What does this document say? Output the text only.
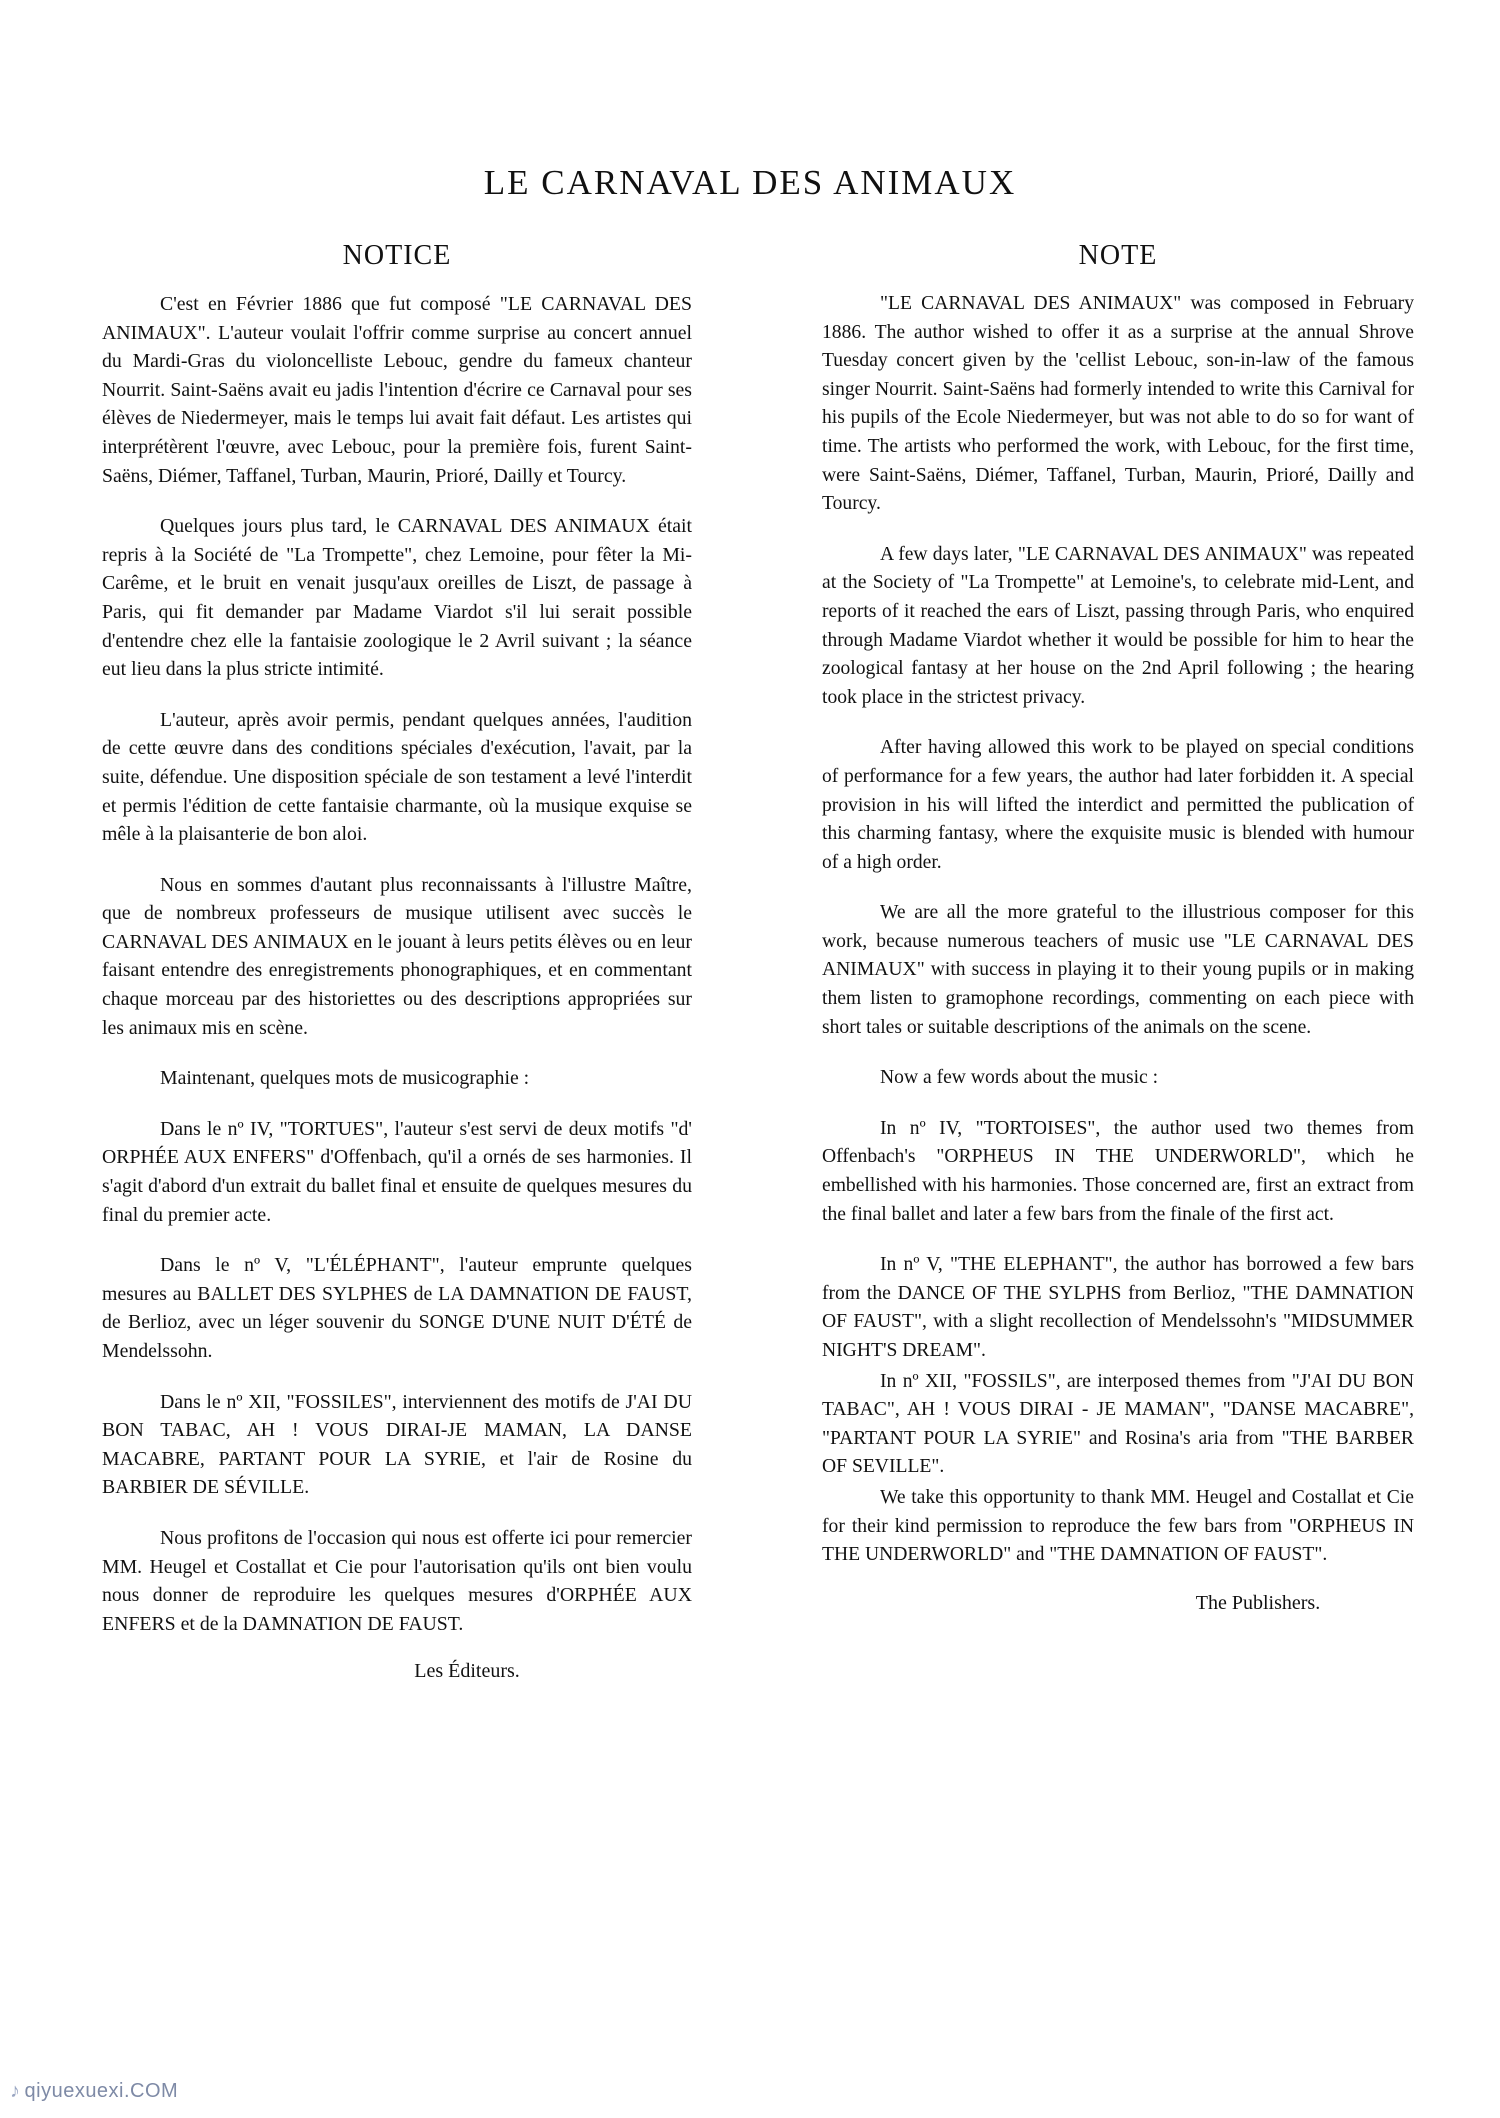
LE CARNAVAL DES ANIMAUX
NOTICE

C'est en Février 1886 que fut composé "LE CARNAVAL DES ANIMAUX". L'auteur voulait l'offrir comme surprise au concert annuel du Mardi-Gras du violoncelliste Lebouc, gendre du fameux chanteur Nourrit. Saint-Saëns avait eu jadis l'intention d'écrire ce Carnaval pour ses élèves de Niedermeyer, mais le temps lui avait fait défaut. Les artistes qui interprétèrent l'œuvre, avec Lebouc, pour la première fois, furent Saint-Saëns, Diémer, Taffanel, Turban, Maurin, Prioré, Dailly et Tourcy.

Quelques jours plus tard, le CARNAVAL DES ANIMAUX était repris à la Société de "La Trompette", chez Lemoine, pour fêter la Mi-Carême, et le bruit en venait jusqu'aux oreilles de Liszt, de passage à Paris, qui fit demander par Madame Viardot s'il lui serait possible d'entendre chez elle la fantaisie zoologique le 2 Avril suivant ; la séance eut lieu dans la plus stricte intimité.

L'auteur, après avoir permis, pendant quelques années, l'audition de cette œuvre dans des conditions spéciales d'exécution, l'avait, par la suite, défendue. Une disposition spéciale de son testament a levé l'interdit et permis l'édition de cette fantaisie charmante, où la musique exquise se mêle à la plaisanterie de bon aloi.

Nous en sommes d'autant plus reconnaissants à l'illustre Maître, que de nombreux professeurs de musique utilisent avec succès le CARNAVAL DES ANIMAUX en le jouant à leurs petits élèves ou en leur faisant entendre des enregistrements phonographiques, et en commentant chaque morceau par des historiettes ou des descriptions appropriées sur les animaux mis en scène.

Maintenant, quelques mots de musicographie :

Dans le nº IV, "TORTUES", l'auteur s'est servi de deux motifs "d' ORPHÉE AUX ENFERS" d'Offenbach, qu'il a ornés de ses harmonies. Il s'agit d'abord d'un extrait du ballet final et ensuite de quelques mesures du final du premier acte.

Dans le nº V, "L'ÉLÉPHANT", l'auteur emprunte quelques mesures au BALLET DES SYLPHES de LA DAMNATION DE FAUST, de Berlioz, avec un léger souvenir du SONGE D'UNE NUIT D'ÉTÉ de Mendelssohn.

Dans le nº XII, "FOSSILES", interviennent des motifs de J'AI DU BON TABAC, AH ! VOUS DIRAI-JE MAMAN, LA DANSE MACABRE, PARTANT POUR LA SYRIE, et l'air de Rosine du BARBIER DE SÉVILLE.

Nous profitons de l'occasion qui nous est offerte ici pour remercier MM. Heugel et Costallat et Cie pour l'autorisation qu'ils ont bien voulu nous donner de reproduire les quelques mesures d'ORPHÉE AUX ENFERS et de la DAMNATION DE FAUST.

Les Éditeurs.
NOTE

"LE CARNAVAL DES ANIMAUX" was composed in February 1886. The author wished to offer it as a surprise at the annual Shrove Tuesday concert given by the 'cellist Lebouc, son-in-law of the famous singer Nourrit. Saint-Saëns had formerly intended to write this Carnival for his pupils of the Ecole Niedermeyer, but was not able to do so for want of time. The artists who performed the work, with Lebouc, for the first time, were Saint-Saëns, Diémer, Taffanel, Turban, Maurin, Prioré, Dailly and Tourcy.

A few days later, "LE CARNAVAL DES ANIMAUX" was repeated at the Society of "La Trompette" at Lemoine's, to celebrate mid-Lent, and reports of it reached the ears of Liszt, passing through Paris, who enquired through Madame Viardot whether it would be possible for him to hear the zoological fantasy at her house on the 2nd April following ; the hearing took place in the strictest privacy.

After having allowed this work to be played on special conditions of performance for a few years, the author had later forbidden it. A special provision in his will lifted the interdict and permitted the publication of this charming fantasy, where the exquisite music is blended with humour of a high order.

We are all the more grateful to the illustrious composer for this work, because numerous teachers of music use "LE CARNAVAL DES ANIMAUX" with success in playing it to their young pupils or in making them listen to gramophone recordings, commenting on each piece with short tales or suitable descriptions of the animals on the scene.

Now a few words about the music :

In nº IV, "TORTOISES", the author used two themes from Offenbach's "ORPHEUS IN THE UNDERWORLD", which he embellished with his harmonies. Those concerned are, first an extract from the final ballet and later a few bars from the finale of the first act.

In nº V, "THE ELEPHANT", the author has borrowed a few bars from the DANCE OF THE SYLPHS from Berlioz, "THE DAMNATION OF FAUST", with a slight recollection of Mendelssohn's "MIDSUMMER NIGHT'S DREAM".

In nº XII, "FOSSILS", are interposed themes from "J'AI DU BON TABAC", AH ! VOUS DIRAI - JE MAMAN", "DANSE MACABRE", "PARTANT POUR LA SYRIE" and Rosina's aria from "THE BARBER OF SEVILLE".

We take this opportunity to thank MM. Heugel and Costallat et Cie for their kind permission to reproduce the few bars from "ORPHEUS IN THE UNDERWORLD" and "THE DAMNATION OF FAUST".

The Publishers.
♪ qiyuexuexi.COM
